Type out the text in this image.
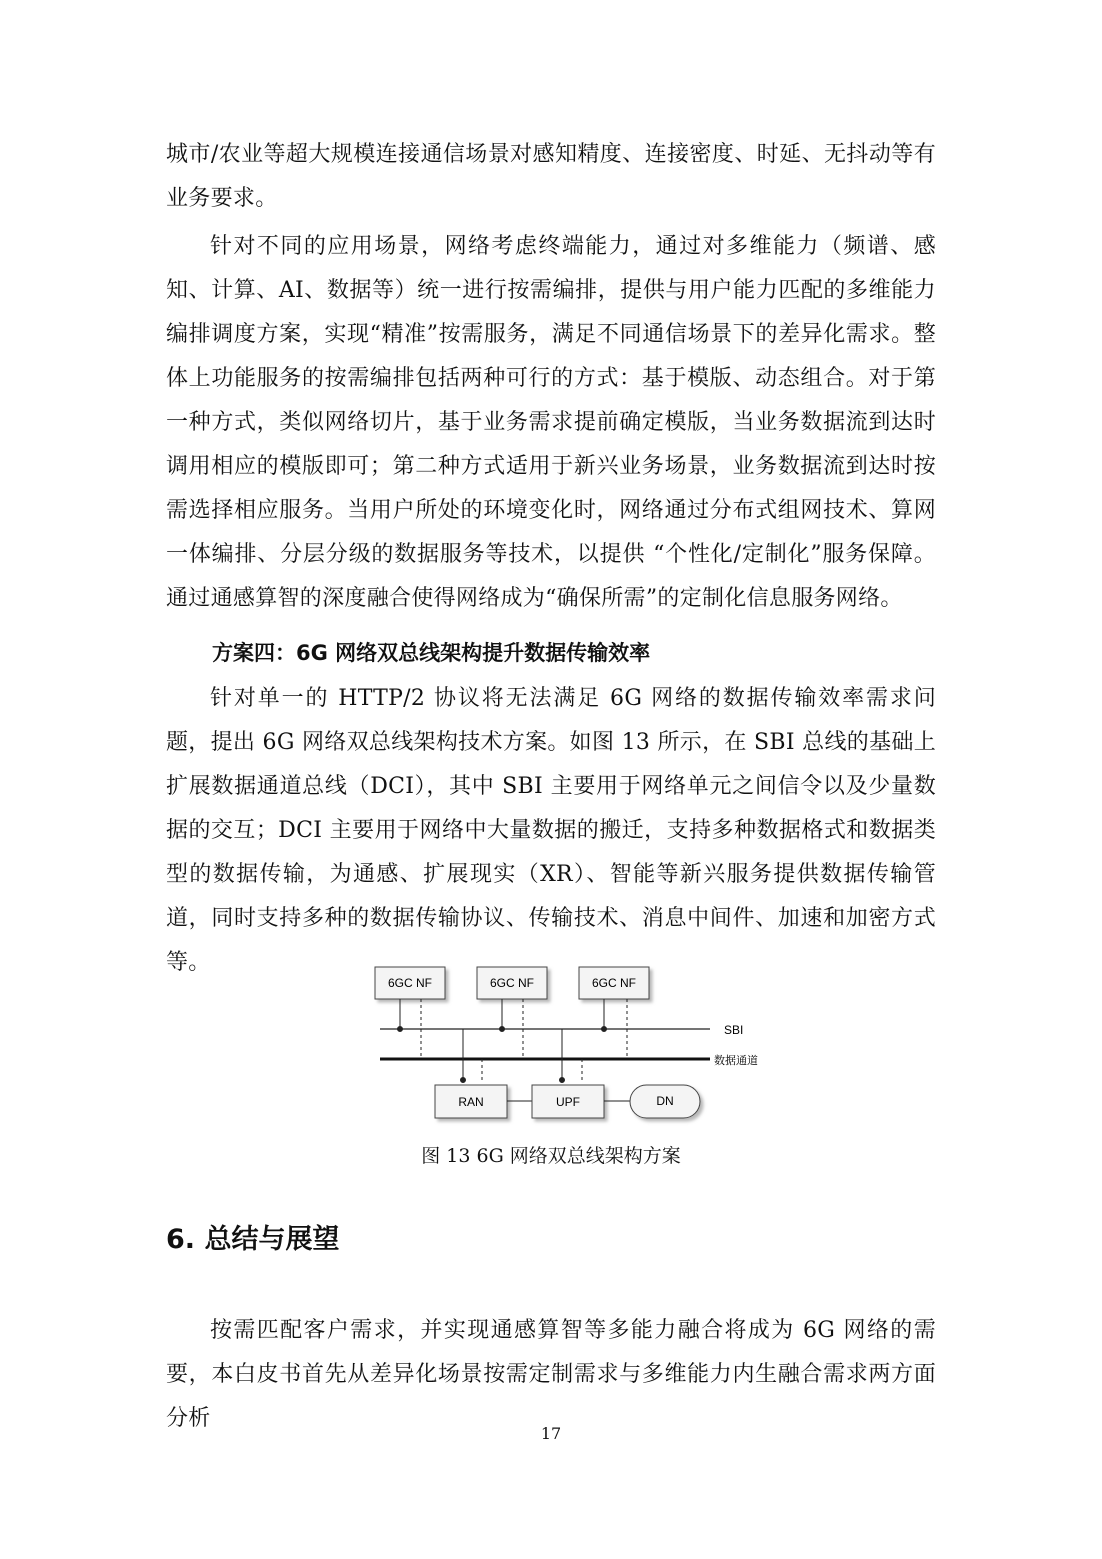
城市/农业等超大规模连接通信场景对感知精度、连接密度、时延、无抖动等有业务要求。

针对不同的应用场景，网络考虑终端能力，通过对多维能力（频谱、感知、计算、AI、数据等）统一进行按需编排，提供与用户能力匹配的多维能力编排调度方案，实现“精准”按需服务，满足不同通信场景下的差异化需求。整体上功能服务的按需编排包括两种可行的方式：基于模版、动态组合。对于第一种方式，类似网络切片，基于业务需求提前确定模版，当业务数据流到达时调用相应的模版即可；第二种方式适用于新兴业务场景，业务数据流到达时按需选择相应服务。当用户所处的环境变化时，网络通过分布式组网技术、算网一体编排、分层分级的数据服务等技术，以提供 “个性化/定制化”服务保障。通过通感算智的深度融合使得网络成为“确保所需”的定制化信息服务网络。

方案四：6G 网络双总线架构提升数据传输效率

针对单一的 HTTP/2 协议将无法满足 6G 网络的数据传输效率需求问题，提出 6G 网络双总线架构技术方案。如图 13 所示，在 SBI 总线的基础上扩展数据通道总线（DCI），其中 SBI 主要用于网络单元之间信令以及少量数据的交互；DCI 主要用于网络中大量数据的搬迁，支持多种数据格式和数据类型的数据传输，为通感、扩展现实（XR）、智能等新兴服务提供数据传输管道，同时支持多种的数据传输协议、传输技术、消息中间件、加速和加密方式等。

6GC NF	6GC NF	6GC NF
SBI
数据通道
RAN	UPF	DN

图 13 6G 网络双总线架构方案

6. 总结与展望

按需匹配客户需求，并实现通感算智等多能力融合将成为 6G 网络的需要，本白皮书首先从差异化场景按需定制需求与多维能力内生融合需求两方面分析

17
